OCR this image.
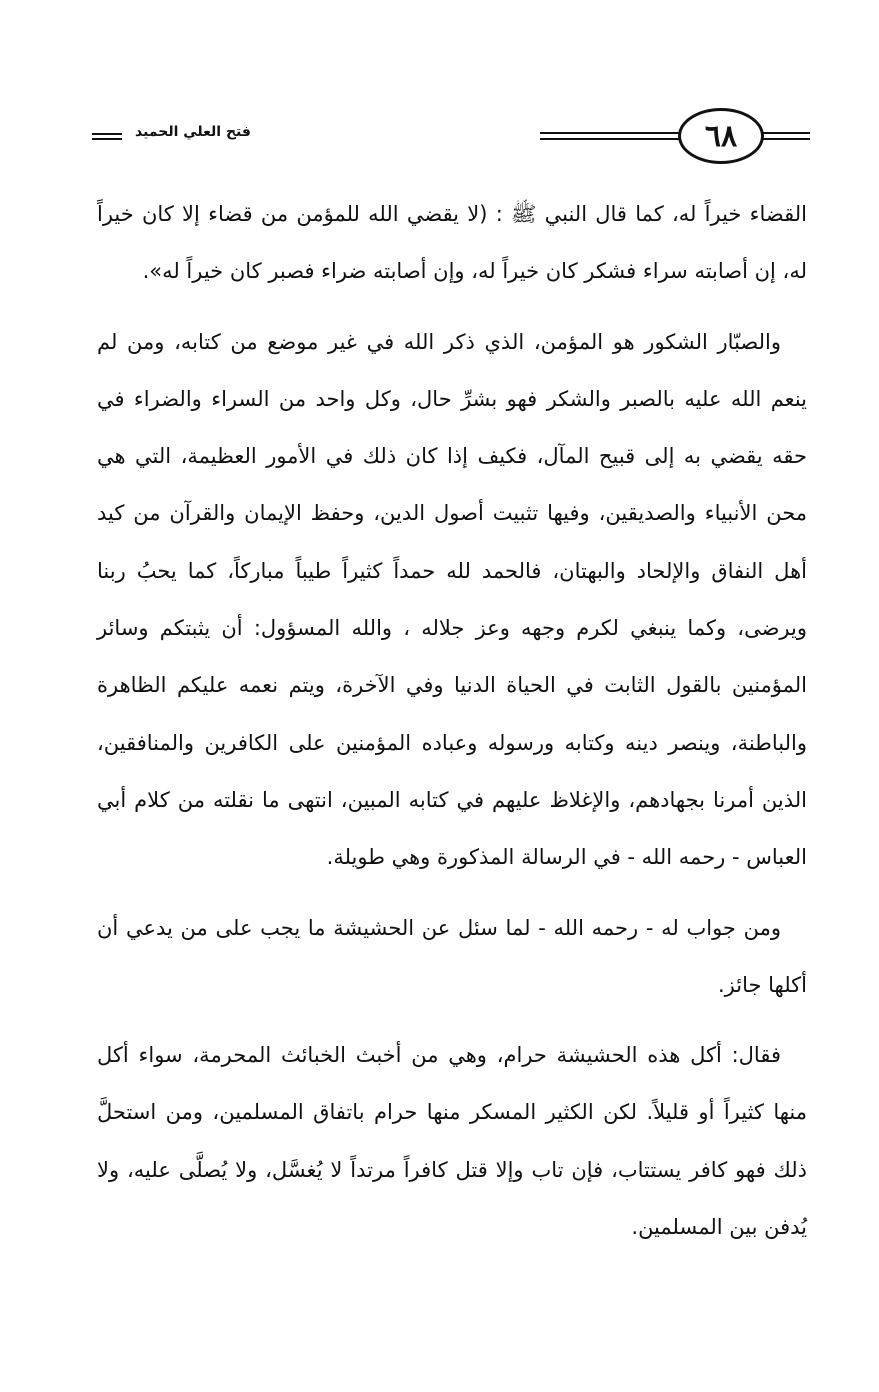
٦٨
فتح العلي الحميد

القضاء خيراً له، كما قال النبي ﷺ : (لا يقضي الله للمؤمن من قضاء إلا كان خيراً له، إن أصابته سراء فشكر كان خيراً له، وإن أصابته ضراء فصبر كان خيراً له».

والصبّار الشكور هو المؤمن، الذي ذكر الله في غير موضع من كتابه، ومن لم ينعم الله عليه بالصبر والشكر فهو بشرِّ حال، وكل واحد من السراء والضراء في حقه يقضي به إلى قبيح المآل، فكيف إذا كان ذلك في الأمور العظيمة، التي هي محن الأنبياء والصديقين، وفيها تثبيت أصول الدين، وحفظ الإيمان والقرآن من كيد أهل النفاق والإلحاد والبهتان، فالحمد لله حمداً كثيراً طيباً مباركاً، كما يحبُ ربنا ويرضى، وكما ينبغي لكرم وجهه وعز جلاله ، والله المسؤول: أن يثبتكم وسائر المؤمنين بالقول الثابت في الحياة الدنيا وفي الآخرة، ويتم نعمه عليكم الظاهرة والباطنة، وينصر دينه وكتابه ورسوله وعباده المؤمنين على الكافرين والمنافقين، الذين أمرنا بجهادهم، والإغلاظ عليهم في كتابه المبين، انتهى ما نقلته من كلام أبي العباس - رحمه الله - في الرسالة المذكورة وهي طويلة.

ومن جواب له - رحمه الله - لما سئل عن الحشيشة ما يجب على من يدعي أن أكلها جائز.

فقال: أكل هذه الحشيشة حرام، وهي من أخبث الخبائث المحرمة، سواء أكل منها كثيراً أو قليلاً. لكن الكثير المسكر منها حرام باتفاق المسلمين، ومن استحلَّ ذلك فهو كافر يستتاب، فإن تاب وإلا قتل كافراً مرتداً لا يُغسَّل، ولا يُصلَّى عليه، ولا يُدفن بين المسلمين.
